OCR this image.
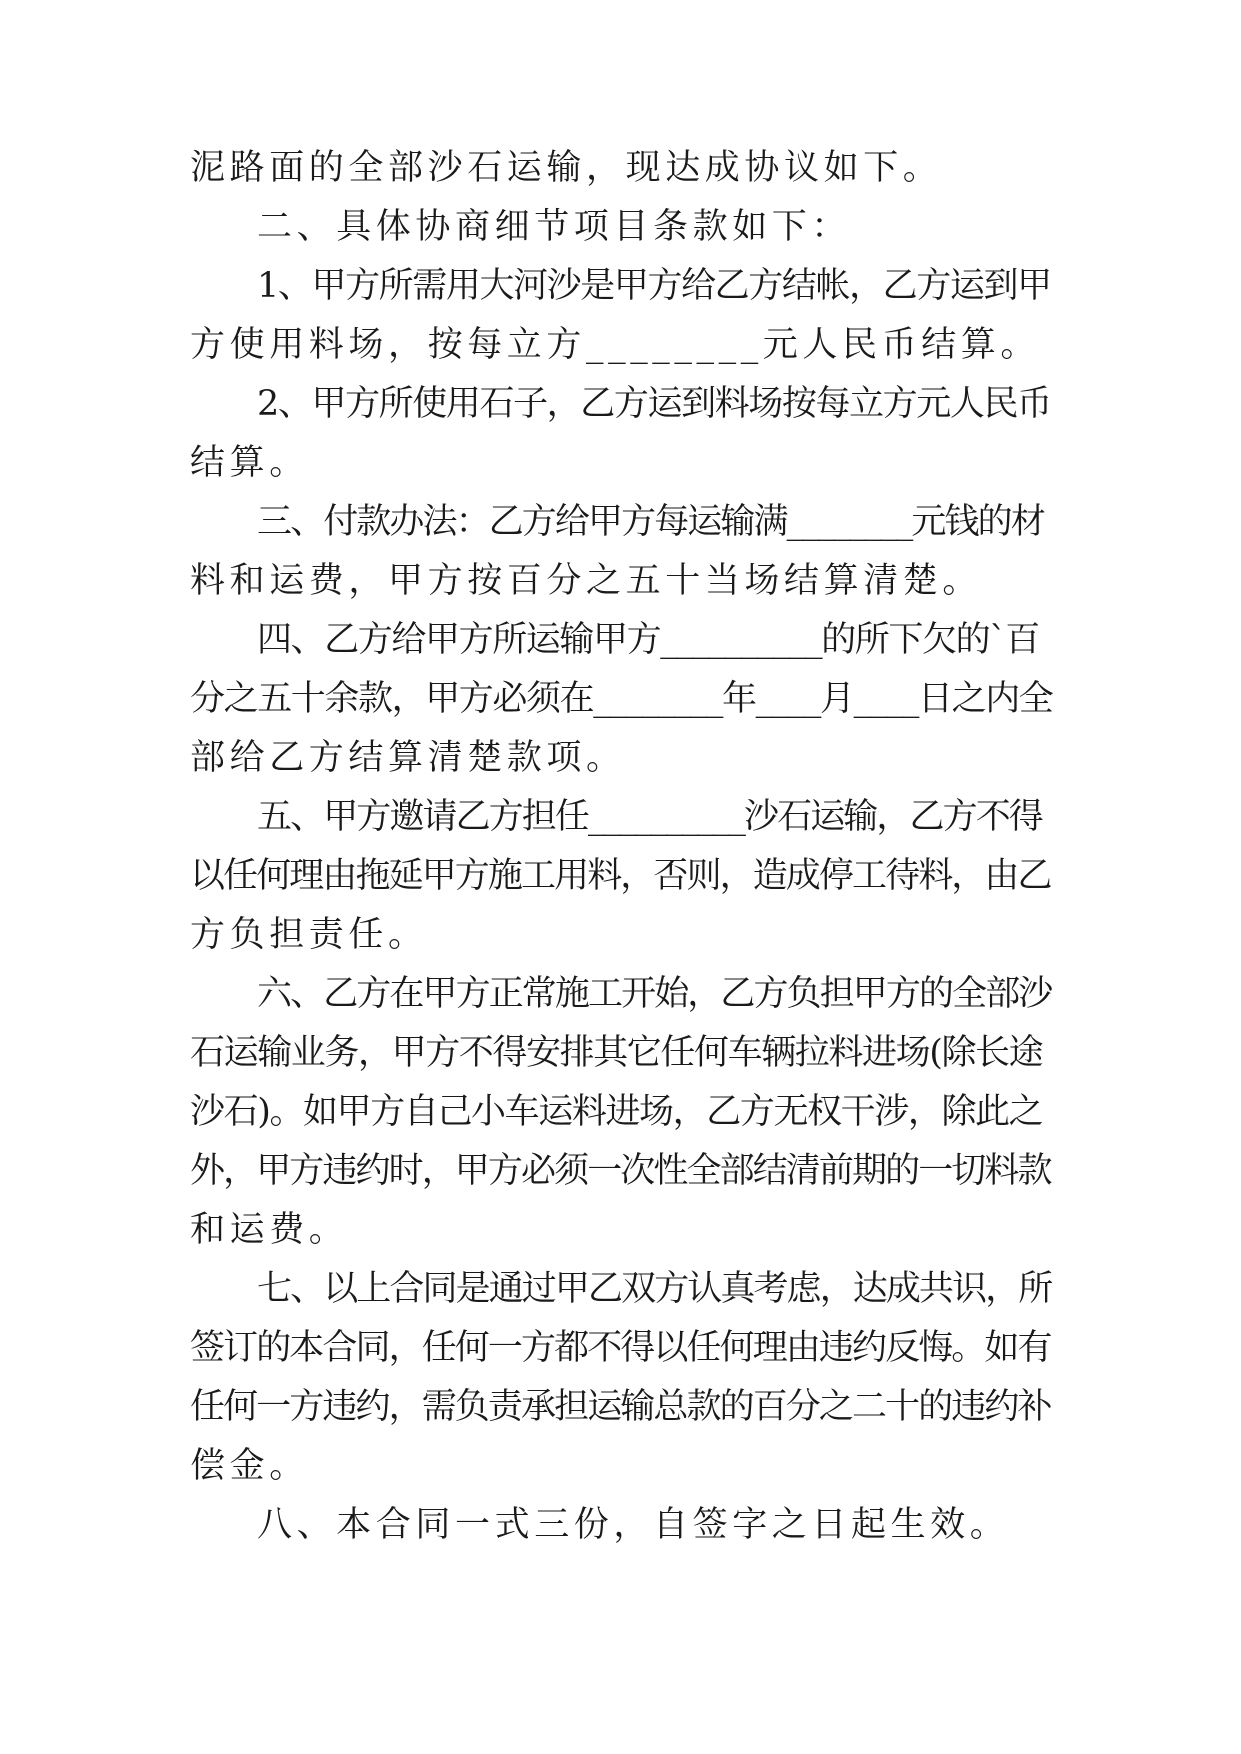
泥路面的全部沙石运输，现达成协议如下。

二、具体协商细节项目条款如下：

1、甲方所需用大河沙是甲方给乙方结帐，乙方运到甲

方使用料场，按每立方________元人民币结算。

2、甲方所使用石子，乙方运到料场按每立方元人民币

结算。

三、付款办法：乙方给甲方每运输满________元钱的材

料和运费，甲方按百分之五十当场结算清楚。

四、乙方给甲方所运输甲方__________的所下欠的`百

分之五十余款，甲方必须在________年____月____日之内全

部给乙方结算清楚款项。

五、甲方邀请乙方担任__________沙石运输，乙方不得

以任何理由拖延甲方施工用料，否则，造成停工待料，由乙

方负担责任。

六、乙方在甲方正常施工开始，乙方负担甲方的全部沙

石运输业务，甲方不得安排其它任何车辆拉料进场(除长途

沙石)。如甲方自己小车运料进场，乙方无权干涉，除此之

外，甲方违约时，甲方必须一次性全部结清前期的一切料款

和运费。

七、以上合同是通过甲乙双方认真考虑，达成共识，所

签订的本合同，任何一方都不得以任何理由违约反悔。如有

任何一方违约，需负责承担运输总款的百分之二十的违约补

偿金。

八、本合同一式三份，自签字之日起生效。
